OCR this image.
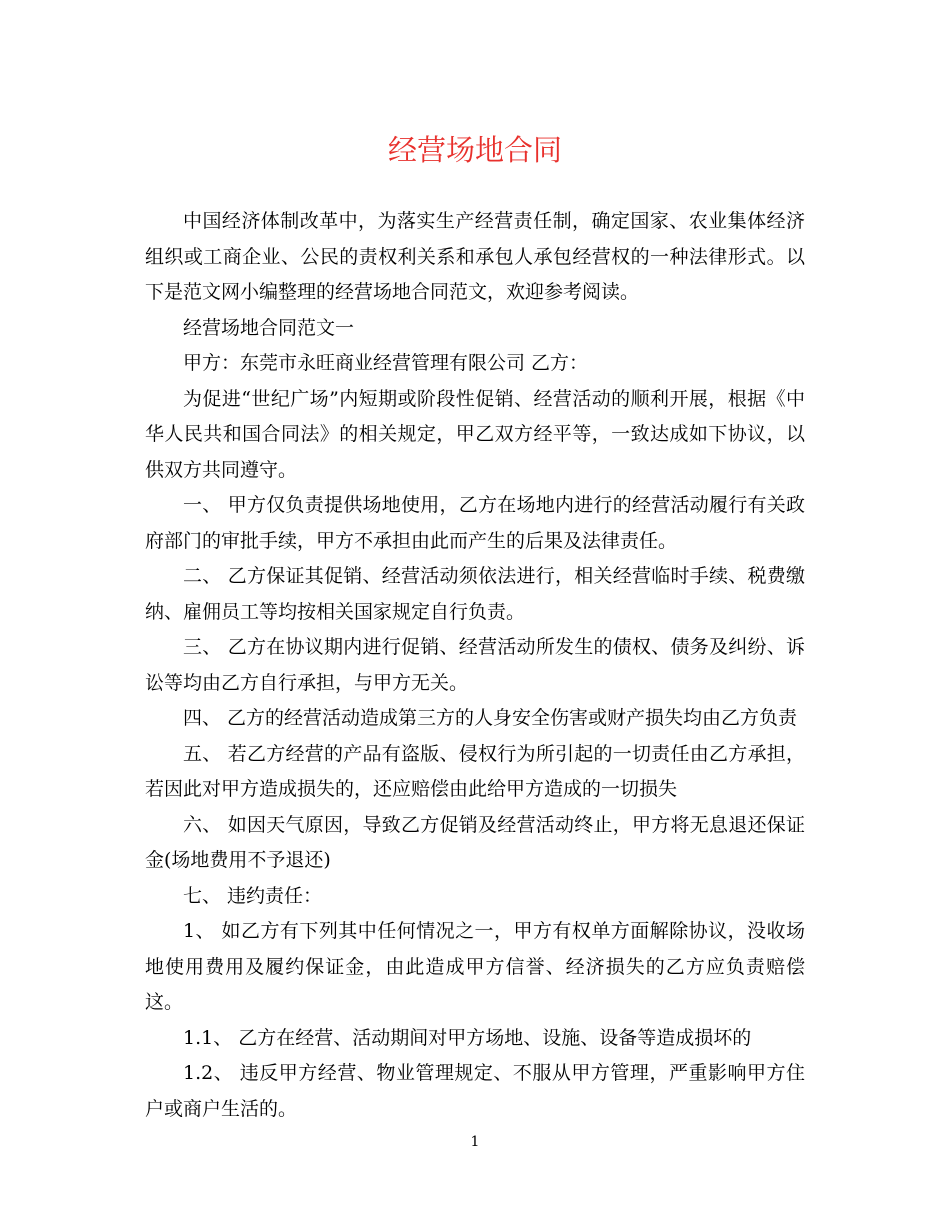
经营场地合同

中国经济体制改革中，为落实生产经营责任制，确定国家、农业集体经济组织或工商企业、公民的责权利关系和承包人承包经营权的一种法律形式。以下是范文网小编整理的经营场地合同范文，欢迎参考阅读。

经营场地合同范文一

甲方：东莞市永旺商业经营管理有限公司 乙方：

为促进“世纪广场”内短期或阶段性促销、经营活动的顺利开展，根据《中华人民共和国合同法》的相关规定，甲乙双方经平等，一致达成如下协议，以供双方共同遵守。

一、 甲方仅负责提供场地使用，乙方在场地内进行的经营活动履行有关政府部门的审批手续，甲方不承担由此而产生的后果及法律责任。

二、 乙方保证其促销、经营活动须依法进行，相关经营临时手续、税费缴纳、雇佣员工等均按相关国家规定自行负责。

三、 乙方在协议期内进行促销、经营活动所发生的债权、债务及纠纷、诉讼等均由乙方自行承担，与甲方无关。

四、 乙方的经营活动造成第三方的人身安全伤害或财产损失均由乙方负责

五、 若乙方经营的产品有盗版、侵权行为所引起的一切责任由乙方承担，若因此对甲方造成损失的，还应赔偿由此给甲方造成的一切损失

六、 如因天气原因，导致乙方促销及经营活动终止，甲方将无息退还保证金(场地费用不予退还)

七、 违约责任：

1、 如乙方有下列其中任何情况之一，甲方有权单方面解除协议，没收场地使用费用及履约保证金，由此造成甲方信誉、经济损失的乙方应负责赔偿这。

1.1、 乙方在经营、活动期间对甲方场地、设施、设备等造成损坏的

1.2、 违反甲方经营、物业管理规定、不服从甲方管理，严重影响甲方住户或商户生活的。

1
